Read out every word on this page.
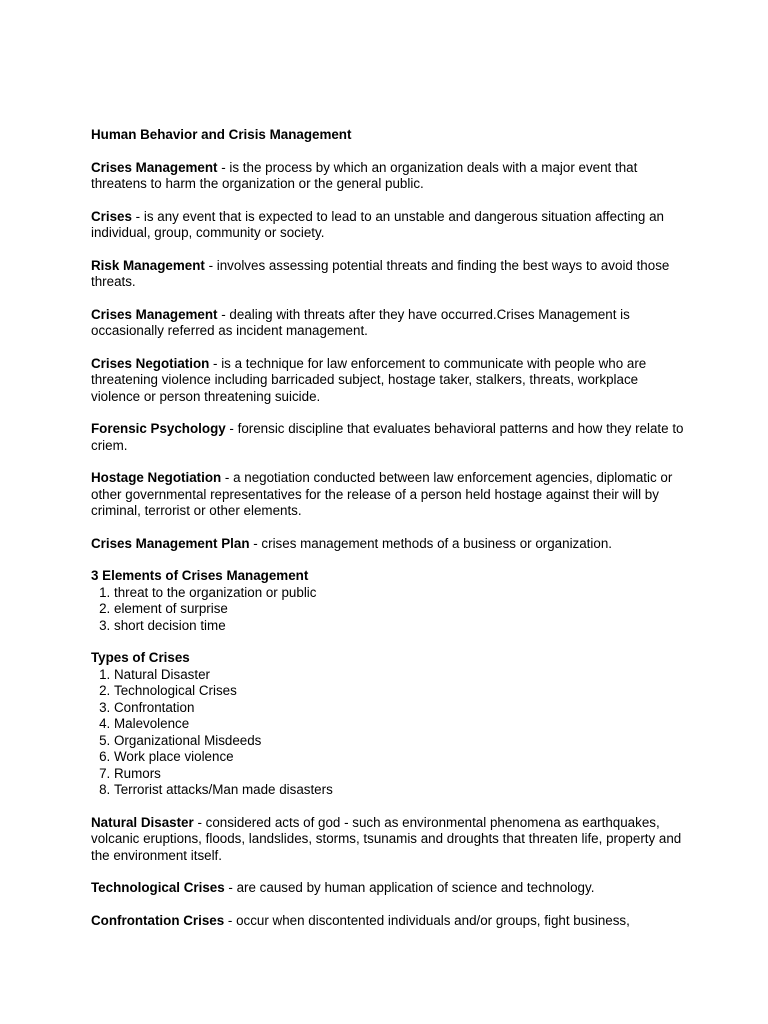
Human Behavior and Crisis Management

Crises Management - is the process by which an organization deals with a major event that threatens to harm the organization or the general public.

Crises - is any event that is expected to lead to an unstable and dangerous situation affecting an individual, group, community or society.

Risk Management - involves assessing potential threats and finding the best ways to avoid those threats.

Crises Management - dealing with threats after they have occurred.Crises Management is occasionally referred as incident management.

Crises Negotiation - is a technique for law enforcement to communicate with people who are threatening violence including barricaded subject, hostage taker, stalkers, threats, workplace violence or person threatening suicide.

Forensic Psychology - forensic discipline that evaluates behavioral patterns and how they relate to criem.

Hostage Negotiation - a negotiation conducted between law enforcement agencies, diplomatic or other governmental representatives for the release of a person held hostage against their will by criminal, terrorist or other elements.

Crises Management Plan - crises management methods of a business or organization.

3 Elements of Crises Management
1. threat to the organization or public
2. element of surprise
3. short decision time
Types of Crises
1. Natural Disaster
2. Technological Crises
3. Confrontation
4. Malevolence
5. Organizational Misdeeds
6. Work place violence
7. Rumors
8. Terrorist attacks/Man made disasters

Natural Disaster - considered acts of god - such as environmental phenomena as earthquakes, volcanic eruptions, floods, landslides, storms, tsunamis and droughts that threaten life, property and the environment itself.

Technological Crises - are caused by human application of science and technology.

Confrontation Crises - occur when discontented individuals and/or groups, fight business,
